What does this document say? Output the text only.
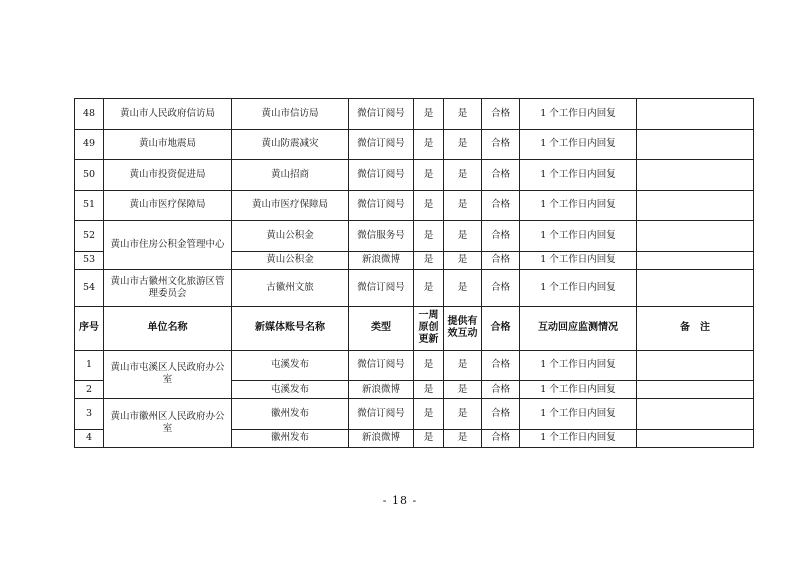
48	黄山市人民政府信访局	黄山市信访局	微信订阅号	是	是	合格	1 个工作日内回复	
49	黄山市地震局	黄山防震减灾	微信订阅号	是	是	合格	1 个工作日内回复	
50	黄山市投资促进局	黄山招商	微信订阅号	是	是	合格	1 个工作日内回复	
51	黄山市医疗保障局	黄山市医疗保障局	微信订阅号	是	是	合格	1 个工作日内回复	
52	黄山市住房公积金管理中心	黄山公积金	微信服务号	是	是	合格	1 个工作日内回复	
53		黄山公积金	新浪微博	是	是	合格	1 个工作日内回复	
54	黄山市古徽州文化旅游区管理委员会	古徽州文旅	微信订阅号	是	是	合格	1 个工作日内回复	
序号	单位名称	新媒体账号名称	类型	一周原创更新	提供有效互动	合格	互动回应监测情况	备　注
1	黄山市屯溪区人民政府办公室	屯溪发布	微信订阅号	是	是	合格	1 个工作日内回复	
2		屯溪发布	新浪微博	是	是	合格	1 个工作日内回复	
3	黄山市徽州区人民政府办公室	徽州发布	微信订阅号	是	是	合格	1 个工作日内回复	
4		徽州发布	新浪微博	是	是	合格	1 个工作日内回复	
- 18 -
